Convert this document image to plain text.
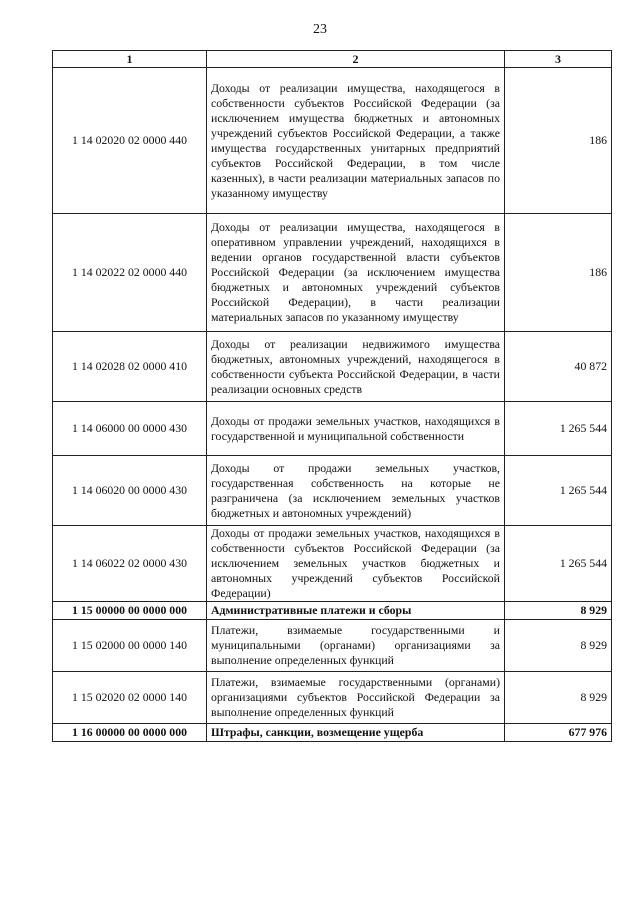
23
1	2	3
1 14 02020 02 0000 440	Доходы от реализации имущества, находящегося в собственности субъектов Российской Федерации (за исключением имущества бюджетных и автономных учреждений субъектов Российской Федерации, а также имущества государственных унитарных предприятий субъектов Российской Федерации, в том числе казенных), в части реализации материальных запасов по указанному имуществу	186
1 14 02022 02 0000 440	Доходы от реализации имущества, находящегося в оперативном управлении учреждений, находящихся в ведении органов государственной власти субъектов Российской Федерации (за исключением имущества бюджетных и автономных учреждений субъектов Российской Федерации), в части реализации материальных запасов по указанному имуществу	186
1 14 02028 02 0000 410	Доходы от реализации недвижимого имущества бюджетных, автономных учреждений, находящегося в собственности субъекта Российской Федерации, в части реализации основных средств	40 872
1 14 06000 00 0000 430	Доходы от продажи земельных участков, находящихся в государственной и муниципальной собственности	1 265 544
1 14 06020 00 0000 430	Доходы от продажи земельных участков, государственная собственность на которые не разграничена (за исключением земельных участков бюджетных и автономных учреждений)	1 265 544
1 14 06022 02 0000 430	Доходы от продажи земельных участков, находящихся в собственности субъектов Российской Федерации (за исключением земельных участков бюджетных и автономных учреждений субъектов Российской Федерации)	1 265 544
1 15 00000 00 0000 000	Административные платежи и сборы	8 929
1 15 02000 00 0000 140	Платежи, взимаемые государственными и муниципальными (органами) организациями за выполнение определенных функций	8 929
1 15 02020 02 0000 140	Платежи, взимаемые государственными (органами) организациями субъектов Российской Федерации за выполнение определенных функций	8 929
1 16 00000 00 0000 000	Штрафы, санкции, возмещение ущерба	677 976
